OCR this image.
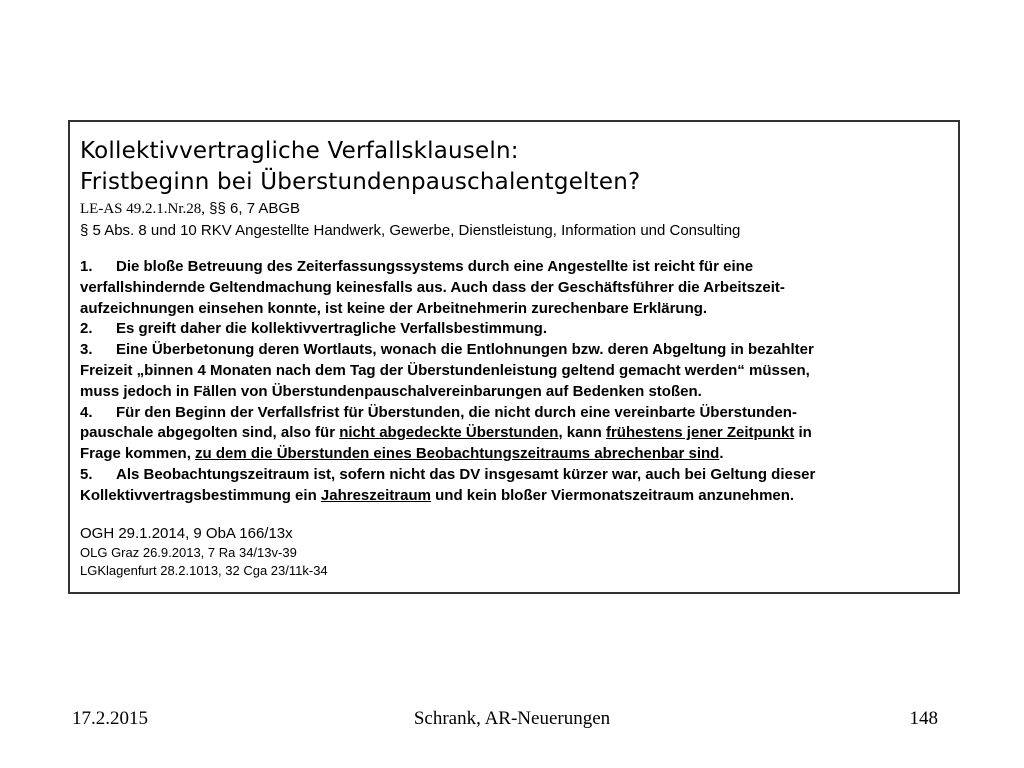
Kollektivvertragliche Verfallsklauseln:
Fristbeginn bei Überstundenpauschalentgelten?
LE-AS 49.2.1.Nr.28, §§ 6, 7 ABGB
§ 5 Abs. 8 und 10 RKV Angestellte Handwerk, Gewerbe, Dienstleistung, Information und Consulting
1. Die bloße Betreuung des Zeiterfassungssystems durch eine Angestellte ist reicht für eine
verfallshindernde Geltendmachung keinesfalls aus. Auch dass der Geschäftsführer die Arbeitszeit-
aufzeichnungen einsehen konnte, ist keine der Arbeitnehmerin zurechenbare Erklärung.
2. Es greift daher die kollektivvertragliche Verfallsbestimmung.
3. Eine Überbetonung deren Wortlauts, wonach die Entlohnungen bzw. deren Abgeltung in bezahlter
Freizeit „binnen 4 Monaten nach dem Tag der Überstundenleistung geltend gemacht werden“ müssen,
muss jedoch in Fällen von Überstundenpauschalvereinbarungen auf Bedenken stoßen.
4. Für den Beginn der Verfallsfrist für Überstunden, die nicht durch eine vereinbarte Überstunden-
pauschale abgegolten sind, also für nicht abgedeckte Überstunden, kann frühestens jener Zeitpunkt in
Frage kommen, zu dem die Überstunden eines Beobachtungszeitraums abrechenbar sind.
5. Als Beobachtungszeitraum ist, sofern nicht das DV insgesamt kürzer war, auch bei Geltung dieser
Kollektivvertragsbestimmung ein Jahreszeitraum und kein bloßer Viermonatszeitraum anzunehmen.
OGH 29.1.2014, 9 ObA 166/13x
OLG Graz 26.9.2013, 7 Ra 34/13v-39
LGKlagenfurt 28.2.1013, 32 Cga 23/11k-34
17.2.2015	Schrank, AR-Neuerungen	148
